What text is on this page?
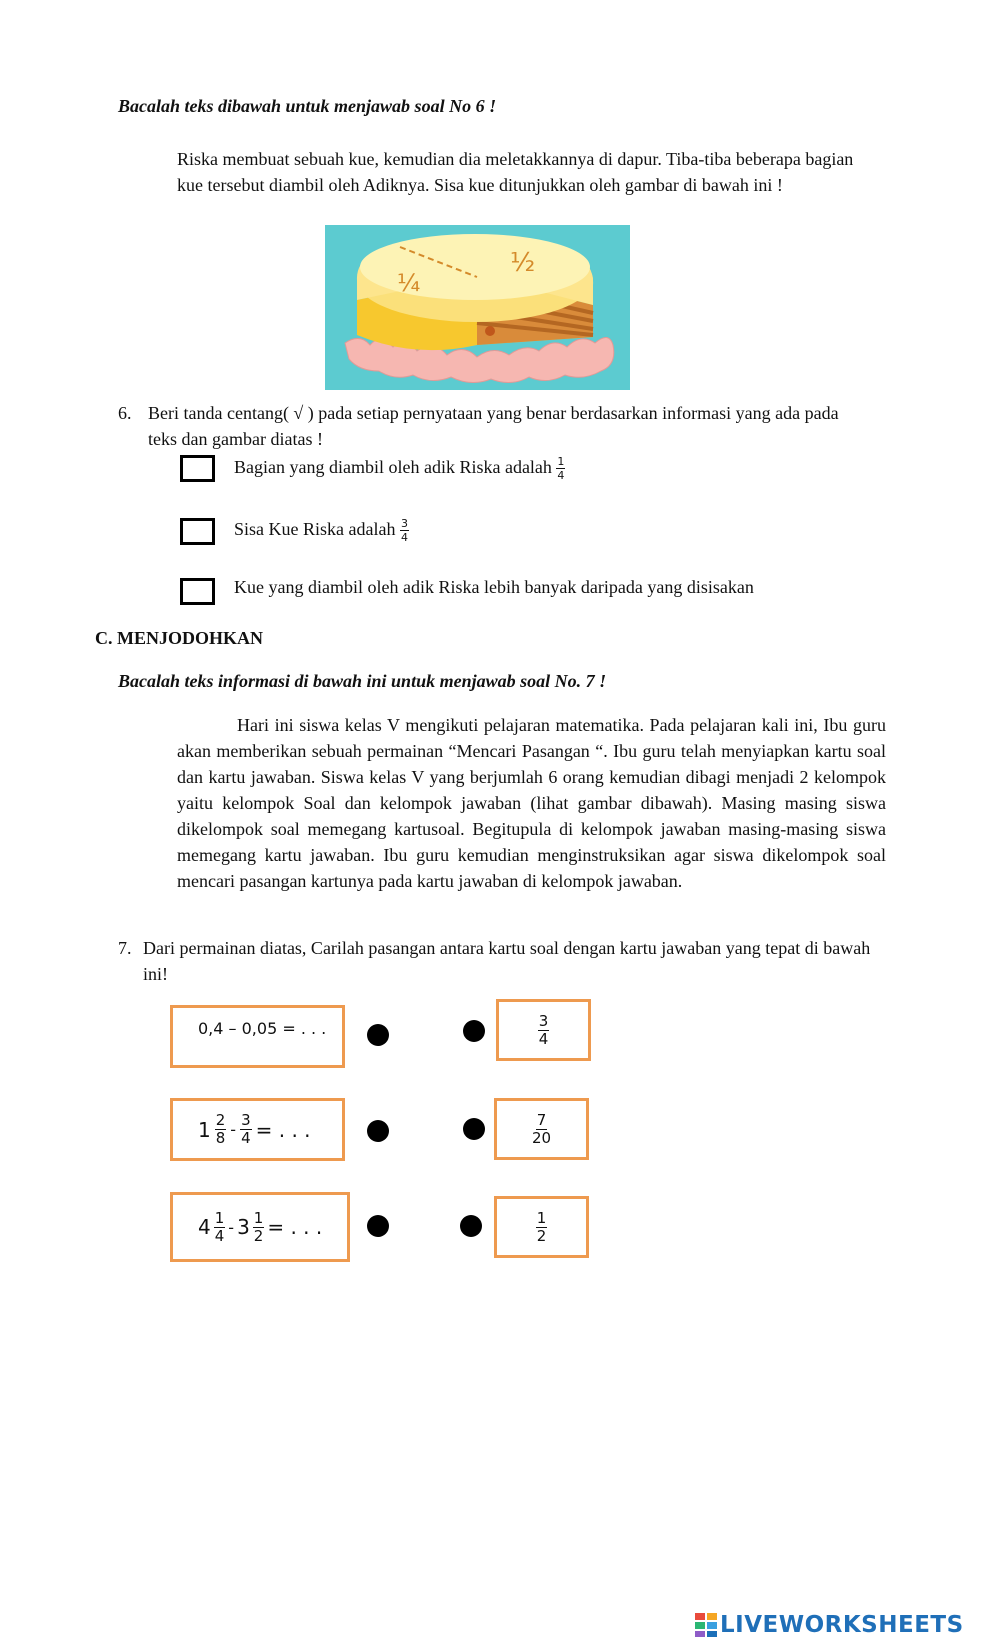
Bacalah teks dibawah untuk menjawab soal No 6 !
Riska membuat sebuah kue, kemudian dia meletakkannya di dapur. Tiba-tiba beberapa bagian kue tersebut diambil oleh Adiknya. Sisa kue ditunjukkan oleh gambar di bawah ini !
½
¼
6. Beri tanda centang( √ ) pada setiap pernyataan yang benar berdasarkan informasi yang ada pada teks dan gambar diatas !
Bagian yang diambil oleh adik Riska adalah $\frac{1}{4}$
Sisa Kue Riska adalah $\frac{3}{4}$
Kue yang diambil oleh adik Riska lebih banyak daripada yang disisakan
C. MENJODOHKAN
Bacalah teks informasi di bawah ini untuk menjawab soal No. 7 !
Hari ini siswa kelas V mengikuti pelajaran matematika. Pada pelajaran kali ini, Ibu guru akan memberikan sebuah permainan “Mencari Pasangan “. Ibu guru telah menyiapkan kartu soal dan kartu jawaban. Siswa kelas V yang berjumlah 6 orang kemudian dibagi menjadi 2 kelompok yaitu kelompok Soal dan kelompok jawaban (lihat gambar dibawah). Masing masing siswa dikelompok soal memegang kartusoal. Begitupula di kelompok jawaban masing-masing siswa memegang kartu jawaban. Ibu guru kemudian menginstruksikan agar siswa dikelompok soal mencari pasangan kartunya pada kartu jawaban di kelompok jawaban.
7. Dari permainan diatas, Carilah pasangan antara kartu soal dengan kartu jawaban yang tepat di bawah ini!
0,4 – 0,05 = . . .
$1 \frac{2}{8} - \frac{3}{4}$ = . . .
$4 \frac{1}{4} - 3 \frac{1}{2}$ = . . .
$\frac{3}{4}$
$\frac{7}{20}$
$\frac{1}{2}$
LIVEWORKSHEETS
